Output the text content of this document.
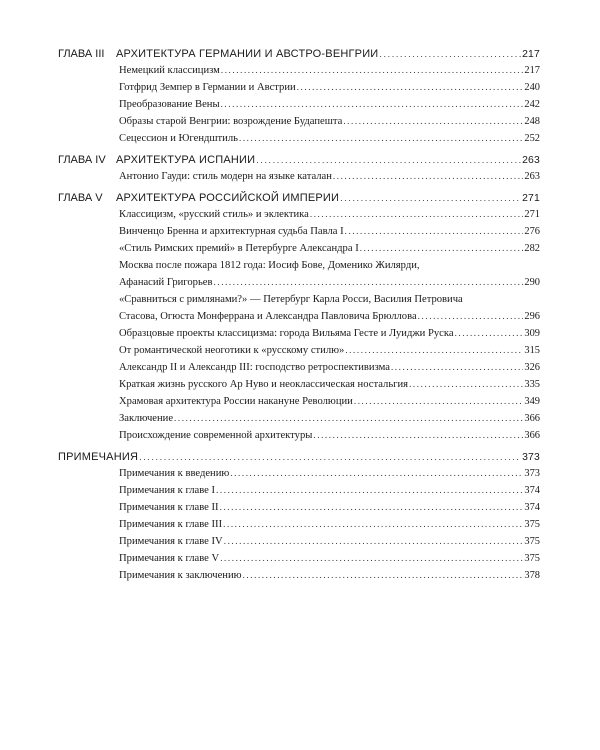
ГЛАВА III АРХИТЕКТУРА ГЕРМАНИИ И АВСТРО-ВЕНГРИИ .....	217
Немецкий классицизм .....	217
Готфрид Земпер в Германии и Австрии .....	240
Преобразование Вены .....	242
Образы старой Венгрии: возрождение Будапешта .....	248
Сецессион и Югендштиль .....	252
ГЛАВА IV АРХИТЕКТУРА ИСПАНИИ .....	263
Антонио Гауди: стиль модерн на языке каталан .....	263
ГЛАВА V АРХИТЕКТУРА РОССИЙСКОЙ ИМПЕРИИ .....	271
Классицизм, «русский стиль» и эклектика .....	271
Винченцо Бренна и архитектурная судьба Павла I .....	276
«Стиль Римских премий» в Петербурге Александра I .....	282
Москва после пожара 1812 года: Иосиф Бове, Доменико Жилярди,
Афанасий Григорьев .....	290
«Сравниться с римлянами?» — Петербург Карла Росси, Василия Петровича
Стасова, Огюста Монферрана и Александра Павловича Брюллова .....	296
Образцовые проекты классицизма: города Вильяма Гесте и Луиджи Руска .....	309
От романтической неоготики к «русскому стилю» .....	315
Александр II и Александр III: господство ретроспективизма .....	326
Краткая жизнь русского Ар Нуво и неоклассическая ностальгия .....	335
Храмовая архитектура России накануне Революции .....	349
Заключение .....	366
Происхождение современной архитектуры .....	366
ПРИМЕЧАНИЯ .....	373
Примечания к введению .....	373
Примечания к главе I .....	374
Примечания к главе II .....	374
Примечания к главе III .....	375
Примечания к главе IV .....	375
Примечания к главе V .....	375
Примечания к заключению .....	378
